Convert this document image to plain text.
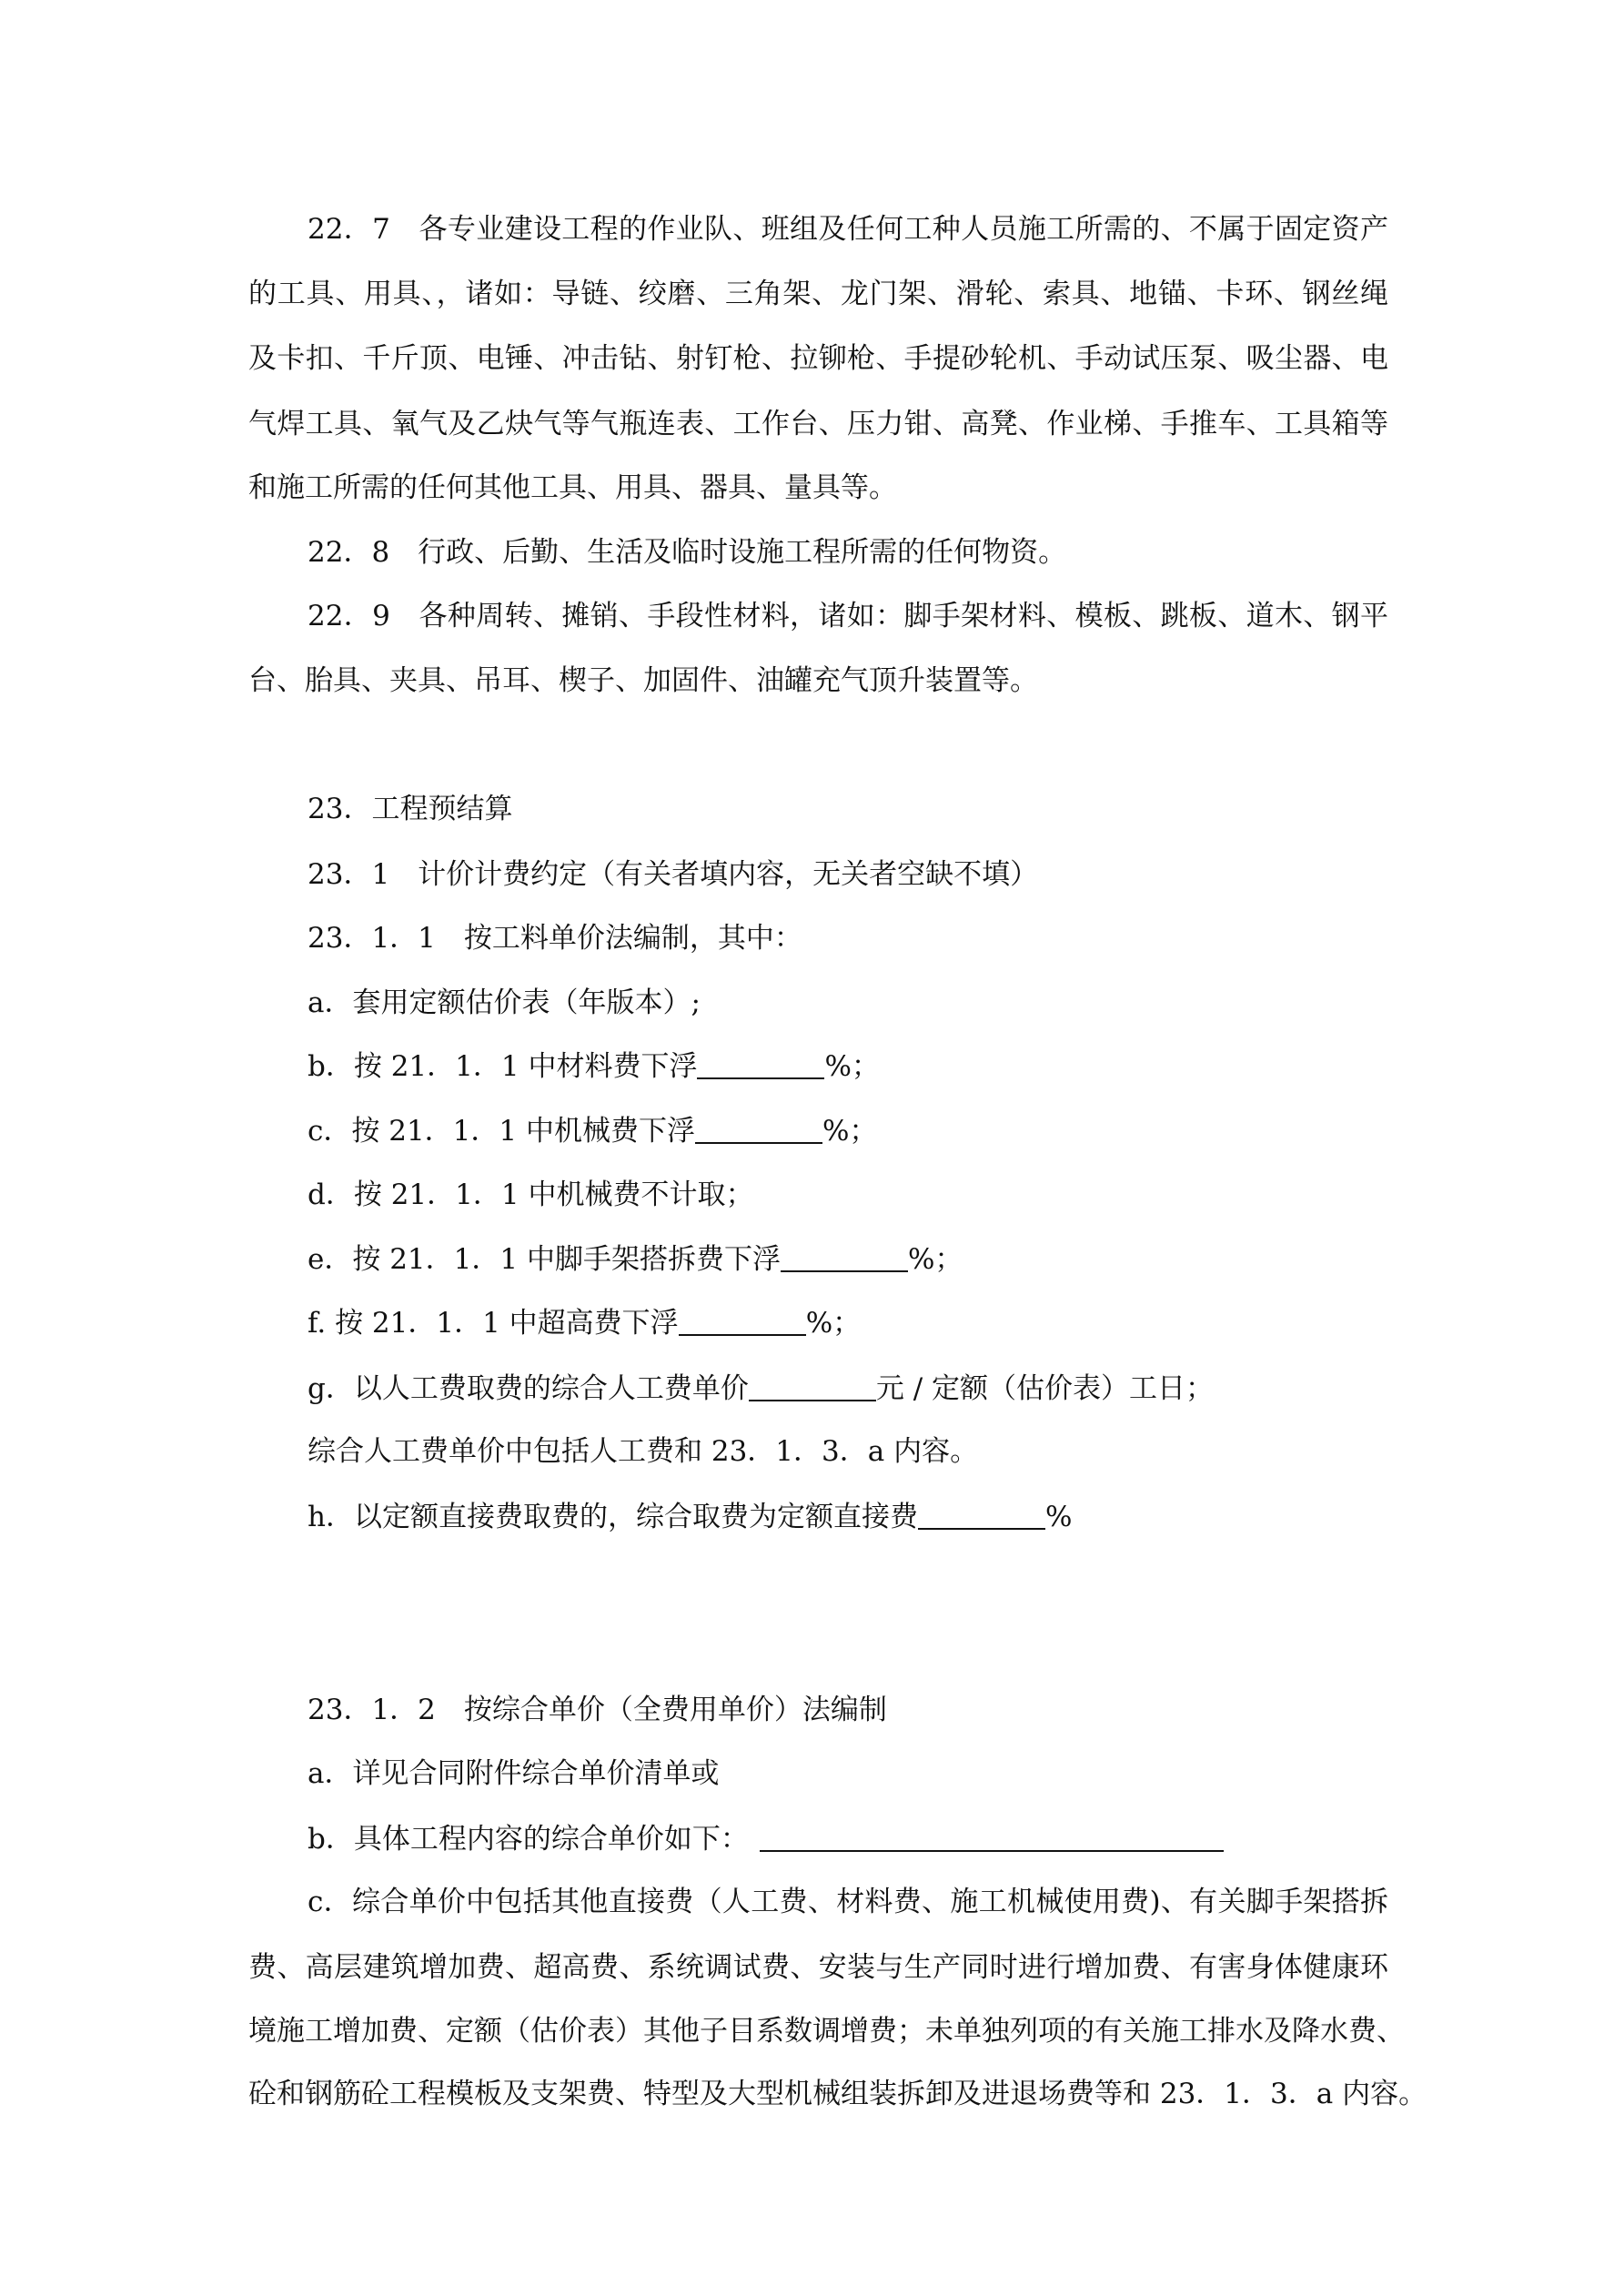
22．7　各专业建设工程的作业队、班组及任何工种人员施工所需的、不属于固定资产
的工具、用具、，诸如：导链、绞磨、三角架、龙门架、滑轮、索具、地锚、卡环、钢丝绳
及卡扣、千斤顶、电锤、冲击钻、射钉枪、拉铆枪、手提砂轮机、手动试压泵、吸尘器、电
气焊工具、氧气及乙炔气等气瓶连表、工作台、压力钳、高凳、作业梯、手推车、工具箱等
和施工所需的任何其他工具、用具、器具、量具等。
22．8　行政、后勤、生活及临时设施工程所需的任何物资。
22．9　各种周转、摊销、手段性材料，诸如：脚手架材料、模板、跳板、道木、钢平
台、胎具、夹具、吊耳、楔子、加固件、油罐充气顶升装置等。
23．工程预结算
23．1　计价计费约定（有关者填内容，无关者空缺不填）
23．1．1　按工料单价法编制，其中：
a．套用定额估价表（年版本）;
b．按 21．1．1 中材料费下浮	%；
c．按 21．1．1 中机械费下浮	%；
d．按 21．1．1 中机械费不计取；
e．按 21．1．1 中脚手架搭拆费下浮	%；
f. 按 21．1．1 中超高费下浮	%；
g．以人工费取费的综合人工费单价	元 / 定额（估价表）工日；
综合人工费单价中包括人工费和 23．1．3．a 内容。
h．以定额直接费取费的，综合取费为定额直接费	%
23．1．2　按综合单价（全费用单价）法编制
a．详见合同附件综合单价清单或
b．具体工程内容的综合单价如下：
c．综合单价中包括其他直接费（人工费、材料费、施工机械使用费)、有关脚手架搭拆
费、高层建筑增加费、超高费、系统调试费、安装与生产同时进行增加费、有害身体健康环
境施工增加费、定额（估价表）其他子目系数调增费；未单独列项的有关施工排水及降水费、
砼和钢筋砼工程模板及支架费、特型及大型机械组装拆卸及进退场费等和 23．1．3．a 内容。
